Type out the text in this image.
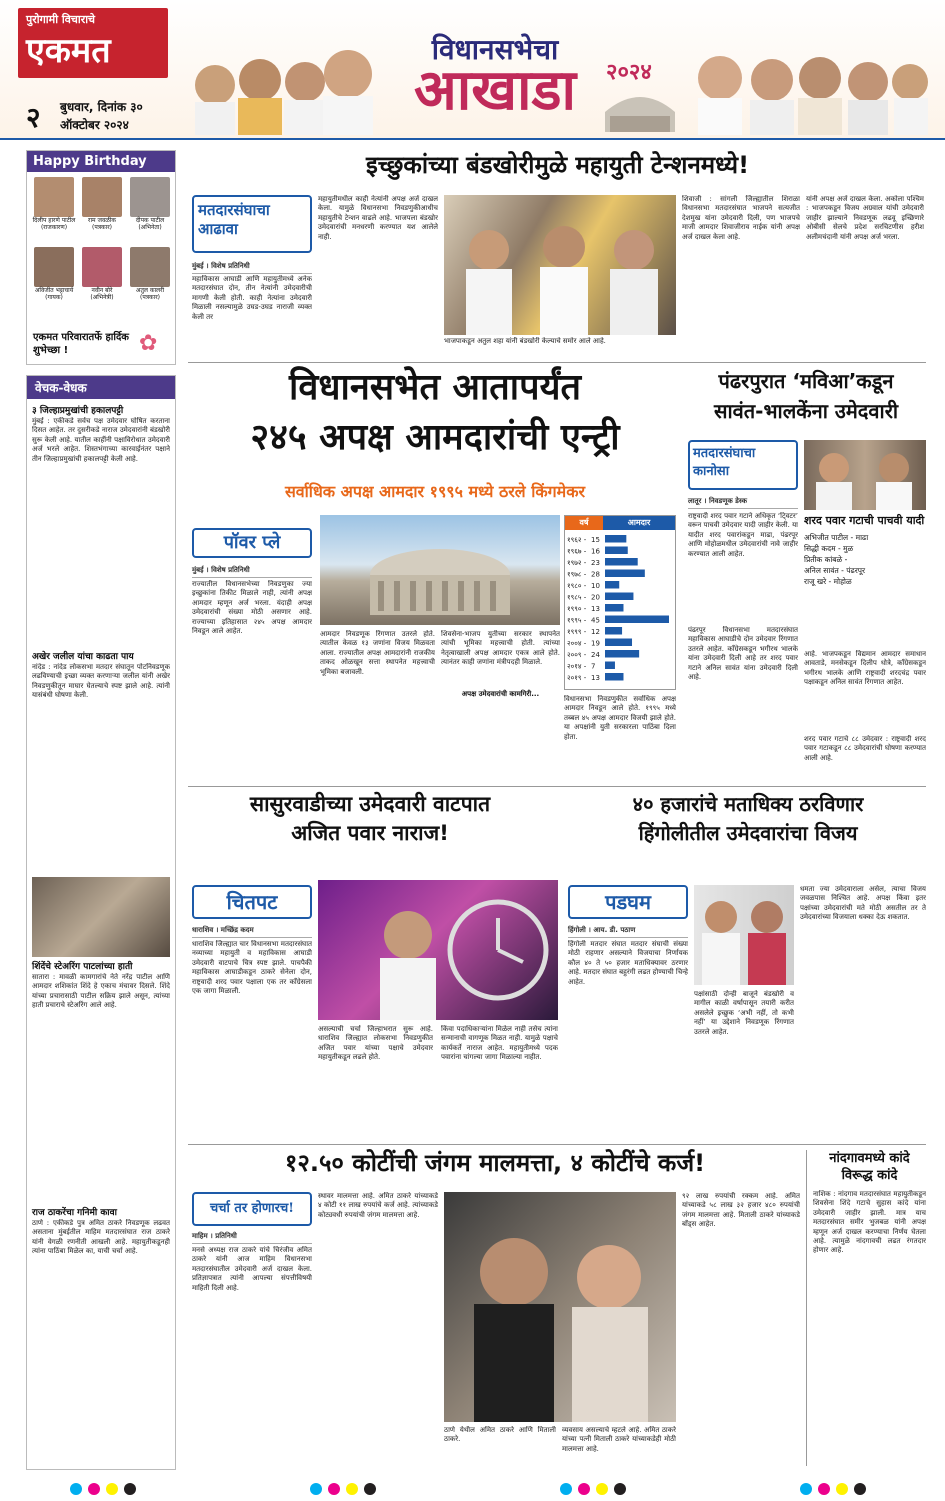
पुरोगामी विचाराचे
एकमत
२ बुधवार, दिनांक ३०
ऑक्टोबर २०२४
विधानसभेचा
आखाडा	२०२४
Happy Birthday
दिलीप हारणे पाटील
(राजकारण)
राम जवळीक
(पत्रकार)
दीपक पाटील
(अभिनेता)
अविजीत भट्टाचार्य
(गायक)
नवीन बोरे
(अभिनेत्री)
अतुल कालरी
(पत्रकार)
एकमत परिवारातर्फे हार्दिक शुभेच्छा !	✿
वेचक-वेधक
३ जिल्हाप्रमुखांची हकालपट्टी
मुंबई : एकीकडे सर्वच पक्ष उमेदवार घोषित करताना दिसत आहेत. तर दुसरीकडे नाराज उमेदवारांनी बंडखोरी सुरू केली आहे. यातील काहींनी पक्षाविरोधात उमेदवारी अर्ज भरले आहेत. शिस्तभंगाच्या कारवाईनंतर पक्षाने तीन जिल्हाप्रमुखांची हकालपट्टी केली आहे.
अखेर जलील यांचा काढता पाय
नांदेड : नांदेड लोकसभा मतदार संघातून पोटनिवडणूक लढविण्याची इच्छा व्यक्त करणाऱ्या जलील यांनी अखेर निवडणुकीतून माघार घेतल्याचे स्पष्ट झाले आहे. त्यांनी यासंबंधी घोषणा केली.
शिंदेंचे स्टेअरिंग पाटलांच्या हाती
सातारा : मावळी कामगारांचे नेते नरेंद्र पाटील आणि आमदार शशिकांत शिंदे हे एकाच मंचावर दिसले. शिंदे यांच्या प्रचारासाठी पाटील सक्रिय झाले असून, त्यांच्या हाती प्रचाराचे स्टेअरिंग आले आहे.
राज ठाकरेंचा गनिमी कावा
ठाणे : एकीकडे पुत्र अमित ठाकरे निवडणूक लढवत असताना मुंबईतील माहिम मतदारसंघात राज ठाकरे यांनी वेगळी रणनीती आखली आहे. महायुतीकडूनही त्यांना पाठिंबा मिळेल का, याची चर्चा आहे.
इच्छुकांच्या बंडखोरीमुळे महायुती टेन्शनमध्ये!
मतदारसंघाचा आढावा
मुंबई । विशेष प्रतिनिधी
महाविकास आघाडी आणि महायुतीमध्ये अनेक मतदारसंघात दोन, तीन नेत्यांनी उमेदवारीची मागणी केली होती. काही नेत्यांना उमेदवारी मिळाली नसल्यामुळे उघड-उघड नाराजी व्यक्त केली तर
महायुतीमधील काही नेत्यांनी अपक्ष अर्ज दाखल केला. यामुळे विधानसभा निवडणुकीआधीच महायुतीचे टेन्शन वाढले आहे. भाजपला बंडखोर उमेदवारांची मनधरणी करण्यात यश आलेले नाही.
भाजपाकडून अतुल शहा यांनी बंडखोरी केल्याचे समोर आले आहे.
शिवाजी : सांगली जिल्ह्यातील शिराळा विधानसभा मतदारसंघात भाजपने सत्यजीत देशमुख यांना उमेदवारी दिली, पण भाजपचे माजी आमदार शिवाजीराव नाईक यांनी अपक्ष अर्ज दाखल केला आहे.
यांनी अपक्ष अर्ज दाखल केला. अकोला पश्चिम : भाजपकडून विजय अग्रवाल यांची उमेदवारी जाहीर झाल्याने निवडणूक लढवू इच्छिणारे ओबीसी सेलचे प्रदेश सरचिटणीस हरीश अलीमचंदानी यांनी अपक्ष अर्ज भरला.
विधानसभेत आतापर्यंत
२४५ अपक्ष आमदारांची एन्ट्री
सर्वाधिक अपक्ष आमदार १९९५ मध्ये ठरले किंगमेकर
पॉवर प्ले
मुंबई । विशेष प्रतिनिधी
राज्यातील विधानसभेच्या निवडणुका ज्या इच्छुकांना तिकीट मिळाले नाही, त्यांनी अपक्ष आमदार म्हणून अर्ज भरला. यंदाही अपक्ष उमेदवारांची संख्या मोठी असणार आहे. राज्याच्या इतिहासात २४५ अपक्ष आमदार निवडून आले आहेत.	आमदार निवडणूक रिंगणात उतरले होते. त्यातील केवळ १३ जणांना विजय मिळवता आला. राज्यातील अपक्ष आमदारांनी राजकीय ताकद ओळखून सत्ता स्थापनेत महत्त्वाची भूमिका बजावली.
शिवसेना-भाजप युतीच्या सरकार स्थापनेत त्यांची भूमिका महत्त्वाची होती. त्यांच्या नेतृत्वाखाली अपक्ष आमदार एकत्र आले होते. त्यानंतर काही जणांना मंत्रीपदही मिळाले.
अपक्ष उमेदवारांची कामगिरी...
वर्ष	आमदार
१९६२ - 15
१९६७ - 16
१९७२ - 23
१९७८ - 28
१९८० - 10
१९८५ - 20
१९९० - 13
१९९५ - 45
१९९९ - 12
२००४ - 19
२००९ - 24
२०१४ - 7
२०१९ - 13
विधानसभा निवडणुकीत सर्वाधिक अपक्ष आमदार निवडून आले होते. १९९५ मध्ये तब्बल ४५ अपक्ष आमदार विजयी झाले होते. या अपक्षांनी युती सरकारला पाठिंबा दिला होता.
पंढरपुरात ‘मविआ’कडून
सावंत-भालकेंना उमेदवारी
मतदारसंघाचा कानोसा
लातूर । निवडणूक डेस्क
राष्ट्रवादी शरद पवार गटाने अधिकृत ‘टि्वटर’ वरून पाचवी उमेदवार यादी जाहीर केली. या यादीत शरद पवारांकडून माढा, पंढरपूर आणि मोहोळमधील उमेदवारांची नावे जाहीर करण्यात आली आहेत.
पंढरपूर विधानसभा मतदारसंघात महाविकास आघाडीचे दोन उमेदवार रिंगणात उतरले आहेत. काँग्रेसकडून भगीरथ भालके यांना उमेदवारी दिली आहे तर शरद पवार गटाने अनिल सावंत यांना उमेदवारी दिली आहे.
शरद पवार गटाची पाचवी यादी
अभिजीत पाटील - माढा
सिद्धी कदम - मुळ
प्रितीक कांबळे -
अनिल सावंत - पंढरपूर
राजू खरे - मोहोळ
आहे. भाजपकडून विद्यमान आमदार समाधान आवताडे, मनसेकडून दिलीप धोत्रे, काँग्रेसकडून भगीरथ भालके आणि राष्ट्रवादी शरदचंद्र पवार पक्षाकडून अनिल सावंत रिंगणात आहेत.
शरद पवार गटाचे ८८ उमेदवार : राष्ट्रवादी शरद पवार गटाकडून ८८ उमेदवारांची घोषणा करण्यात आली आहे.
सासुरवाडीच्या उमेदवारी वाटपात
अजित पवार नाराज!
चितपट
धाराशिव । मच्छिंद्र कदम
धाराशिव जिल्ह्यात चार विधानसभा मतदारसंघात नव्याच्या महायुती व महाविकास आघाडी उमेदवारी वाटपाचे चित्र स्पष्ट झाले. पाचपैकी महाविकास आघाडीकडून ठाकरे सेनेला दोन, राष्ट्रवादी शरद पवार पक्षाला एक तर काँग्रेसला एक जागा मिळाली.
असल्याची चर्चा जिल्हाभरात सुरू आहे. धाराशिव जिल्ह्यात लोकसभा निवडणुकीत अजित पवार यांच्या पक्षाचे उमेदवार महायुतीकडून लढले होते.
किंवा पदाधिकाऱ्यांना मिळेल नाही तसेच त्यांना सन्मानाची वागणूक मिळत नाही. यामुळे पक्षाचे कार्यकर्ते नाराज आहेत. महायुतीमध्ये पदक पवारांना चांगल्या जागा मिळाल्या नाहीत.
४० हजारांचे मताधिक्य ठरविणार
हिंगोलीतील उमेदवारांचा विजय
पडघम
हिंगोली । आय. डी. पठाण
हिंगोली मतदार संघात मतदार संघाची संख्या मोठी राहणार असल्याने विजयाचा निर्णायक कौल ४० ते ५० हजार मताधिक्यावर ठरणार आहे. मतदार संघात बहुरंगी लढत होण्याची चिन्हे आहेत.
पक्षांसाठी दोन्ही बाजूने बंडखोरी व मागील काळी वर्षापासून तयारी करीत असलेले इच्छुक ‘अभी नहीं, तो कभी नहीं’ या उद्देशाने निवडणूक रिंगणात उतरले आहेत.
धमता ज्या उमेदवाराला असेल, त्याचा विजय जवळपास निश्चित आहे. अपक्ष किंवा इतर पक्षांच्या उमेदवारांची मते मोठी असतील तर ते उमेदवारांच्या विजयाला धक्का देऊ शकतात.
१२.५० कोटींची जंगम मालमत्ता, ४ कोटींचे कर्ज!
चर्चा तर होणारच!
माहिम । प्रतिनिधी
मनसे अध्यक्ष राज ठाकरे यांचे चिरंजीव अमित ठाकरे यांनी आज माहिम विधानसभा मतदारसंघातील उमेदवारी अर्ज दाखल केला. प्रतिज्ञापत्रात त्यांनी आपल्या संपत्तीविषयी माहिती दिली आहे.
स्थावर मालमत्ता आहे. अमित ठाकरे यांच्याकडे ४ कोटी ११ लाख रुपयांचे कर्ज आहे. त्यांच्याकडे कोट्यवधी रुपयांची जंगम मालमत्ता आहे.
ठाणे येथील अमित ठाकरे आणि मिताली ठाकरे.
व्यवसाय असल्याचे म्हटले आहे. अमित ठाकरे यांच्या पत्नी मिताली ठाकरे यांच्याकडेही मोठी मालमत्ता आहे.
९२ लाख रुपयांची रक्कम आहे. अमित यांच्याकडे ५८ लाख ३२ हजार ४८० रुपयांची जंगम मालमत्ता आहे. मिताली ठाकरे यांच्याकडे बाँड्स आहेत.
नांदगावमध्ये कांदे विरूद्ध कांदे
नाशिक : नांदगाव मतदारसंघात महायुतीकडून शिवसेना शिंदे गटाचे सुहास कांदे यांना उमेदवारी जाहीर झाली. मात्र याच मतदारसंघात समीर भुजबळ यांनी अपक्ष म्हणून अर्ज दाखल करण्याचा निर्णय घेतला आहे. त्यामुळे नांदगावची लढत रंगतदार होणार आहे.
